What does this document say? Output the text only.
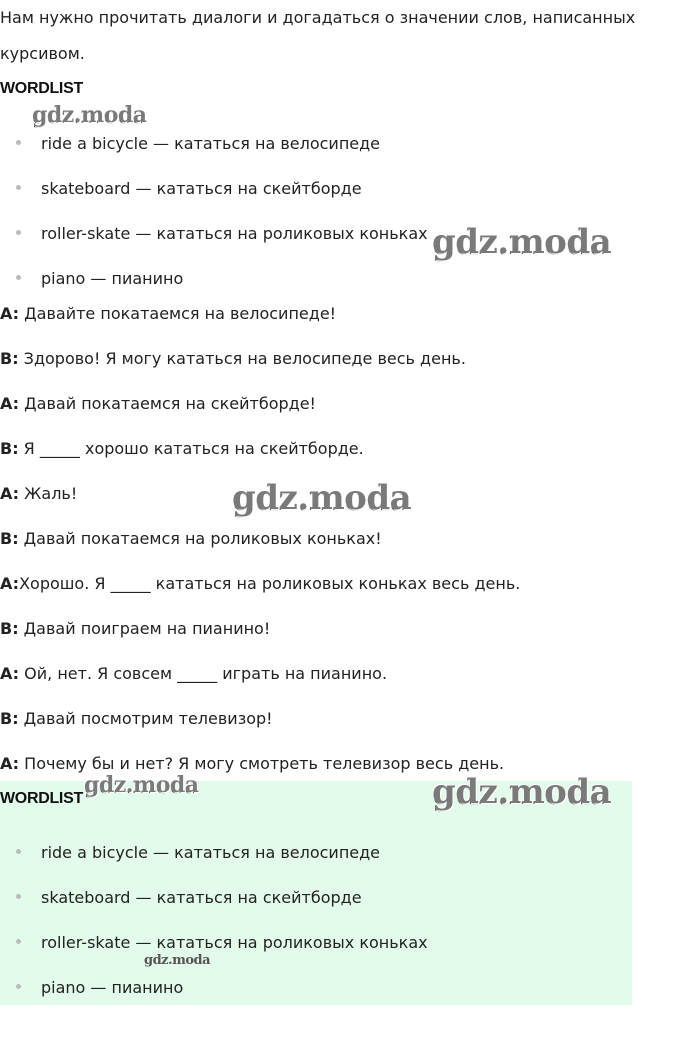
Нам нужно прочитать диалоги и догадаться о значении слов, написанных
курсивом.
WORDLIST
gdz.moda
ride a bicycle — кататься на велосипеде
skateboard — кататься на скейтборде
roller-skate — кататься на роликовых коньках
piano — пианино
gdz.moda
A: Давайте покатаемся на велосипеде!
B: Здорово! Я могу кататься на велосипеде весь день.
A: Давай покатаемся на скейтборде!
B: Я _____ хорошо кататься на скейтборде.
A: Жаль!	gdz.moda
B: Давай покатаемся на роликовых коньках!
A:Хорошо. Я _____ кататься на роликовых коньках весь день.
B: Давай поиграем на пианино!
A: Ой, нет. Я совсем _____ играть на пианино.
B: Давай посмотрим телевизор!
A: Почему бы и нет? Я могу смотреть телевизор весь день.
WORDLIST
gdz.moda	gdz.moda
ride a bicycle — кататься на велосипеде
skateboard — кататься на скейтборде
roller-skate — кататься на роликовых коньках
gdz.moda
piano — пианино
